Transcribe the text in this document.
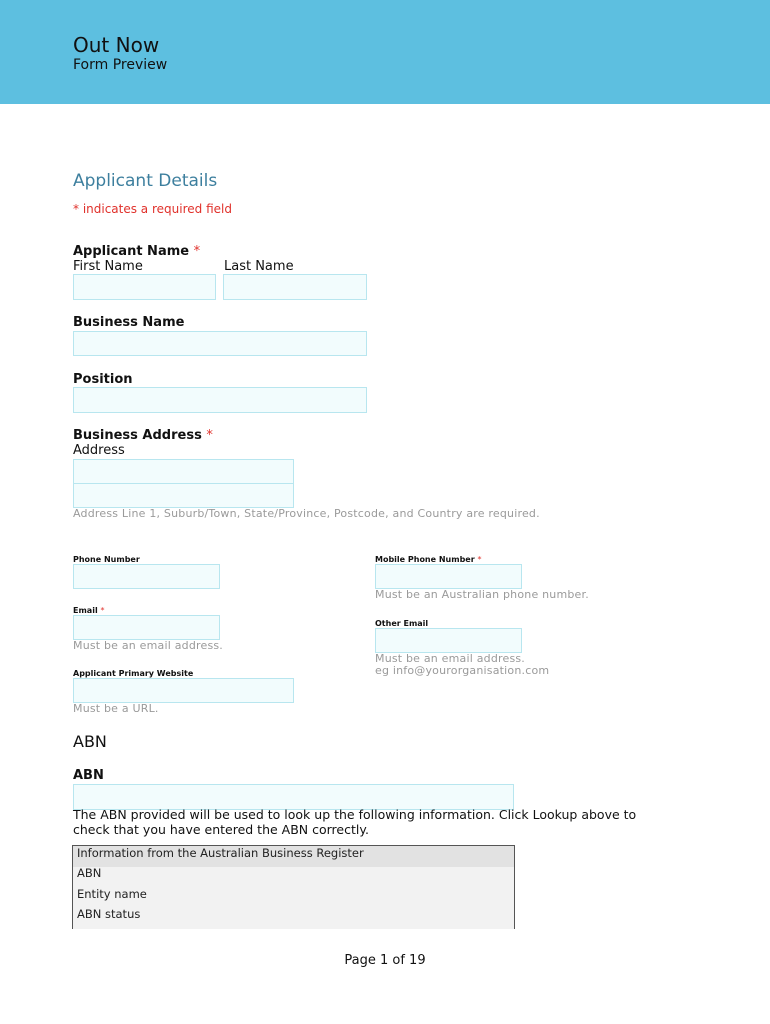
Out Now
Form Preview
Applicant Details
* indicates a required field
Applicant Name *
First Name	Last Name
Business Name
Position
Business Address *
Address
Address Line 1, Suburb/Town, State/Province, Postcode, and Country are required.
Phone Number	Mobile Phone Number *
Must be an Australian phone number.
Email *
Must be an email address.
Other Email
Must be an email address.
eg info@yourorganisation.com
Applicant Primary Website
Must be a URL.
ABN
ABN
The ABN provided will be used to look up the following information. Click Lookup above to
check that you have entered the ABN correctly.
Information from the Australian Business Register
ABN
Entity name
ABN status
Page 1 of 19
